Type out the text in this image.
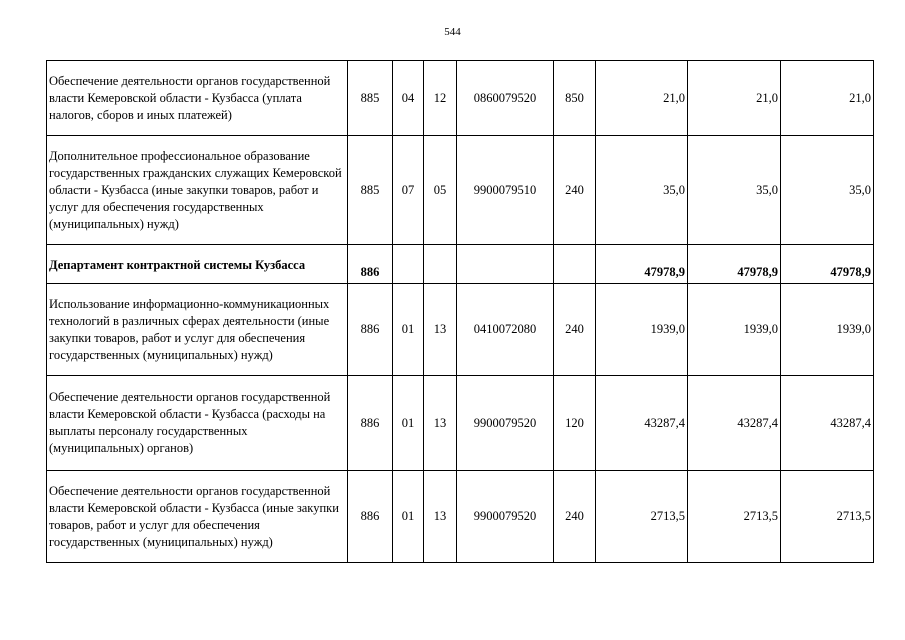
544
Обеспечение деятельности органов государственной власти Кемеровской области - Кузбасса (уплата налогов, сборов и иных платежей)	885	04	12	0860079520	850	21,0	21,0	21,0
Дополнительное профессиональное образование государственных гражданских служащих Кемеровской области - Кузбасса (иные закупки товаров, работ и услуг для обеспечения государственных (муниципальных) нужд)	885	07	05	9900079510	240	35,0	35,0	35,0
Департамент контрактной системы Кузбасса	886					47978,9	47978,9	47978,9
Использование информационно-коммуникационных технологий в различных сферах деятельности (иные закупки товаров, работ и услуг для обеспечения государственных (муниципальных) нужд)	886	01	13	0410072080	240	1939,0	1939,0	1939,0
Обеспечение деятельности органов государственной власти Кемеровской области - Кузбасса (расходы на выплаты персоналу государственных (муниципальных) органов)	886	01	13	9900079520	120	43287,4	43287,4	43287,4
Обеспечение деятельности органов государственной власти Кемеровской области - Кузбасса (иные закупки товаров, работ и услуг для обеспечения государственных (муниципальных) нужд)	886	01	13	9900079520	240	2713,5	2713,5	2713,5
